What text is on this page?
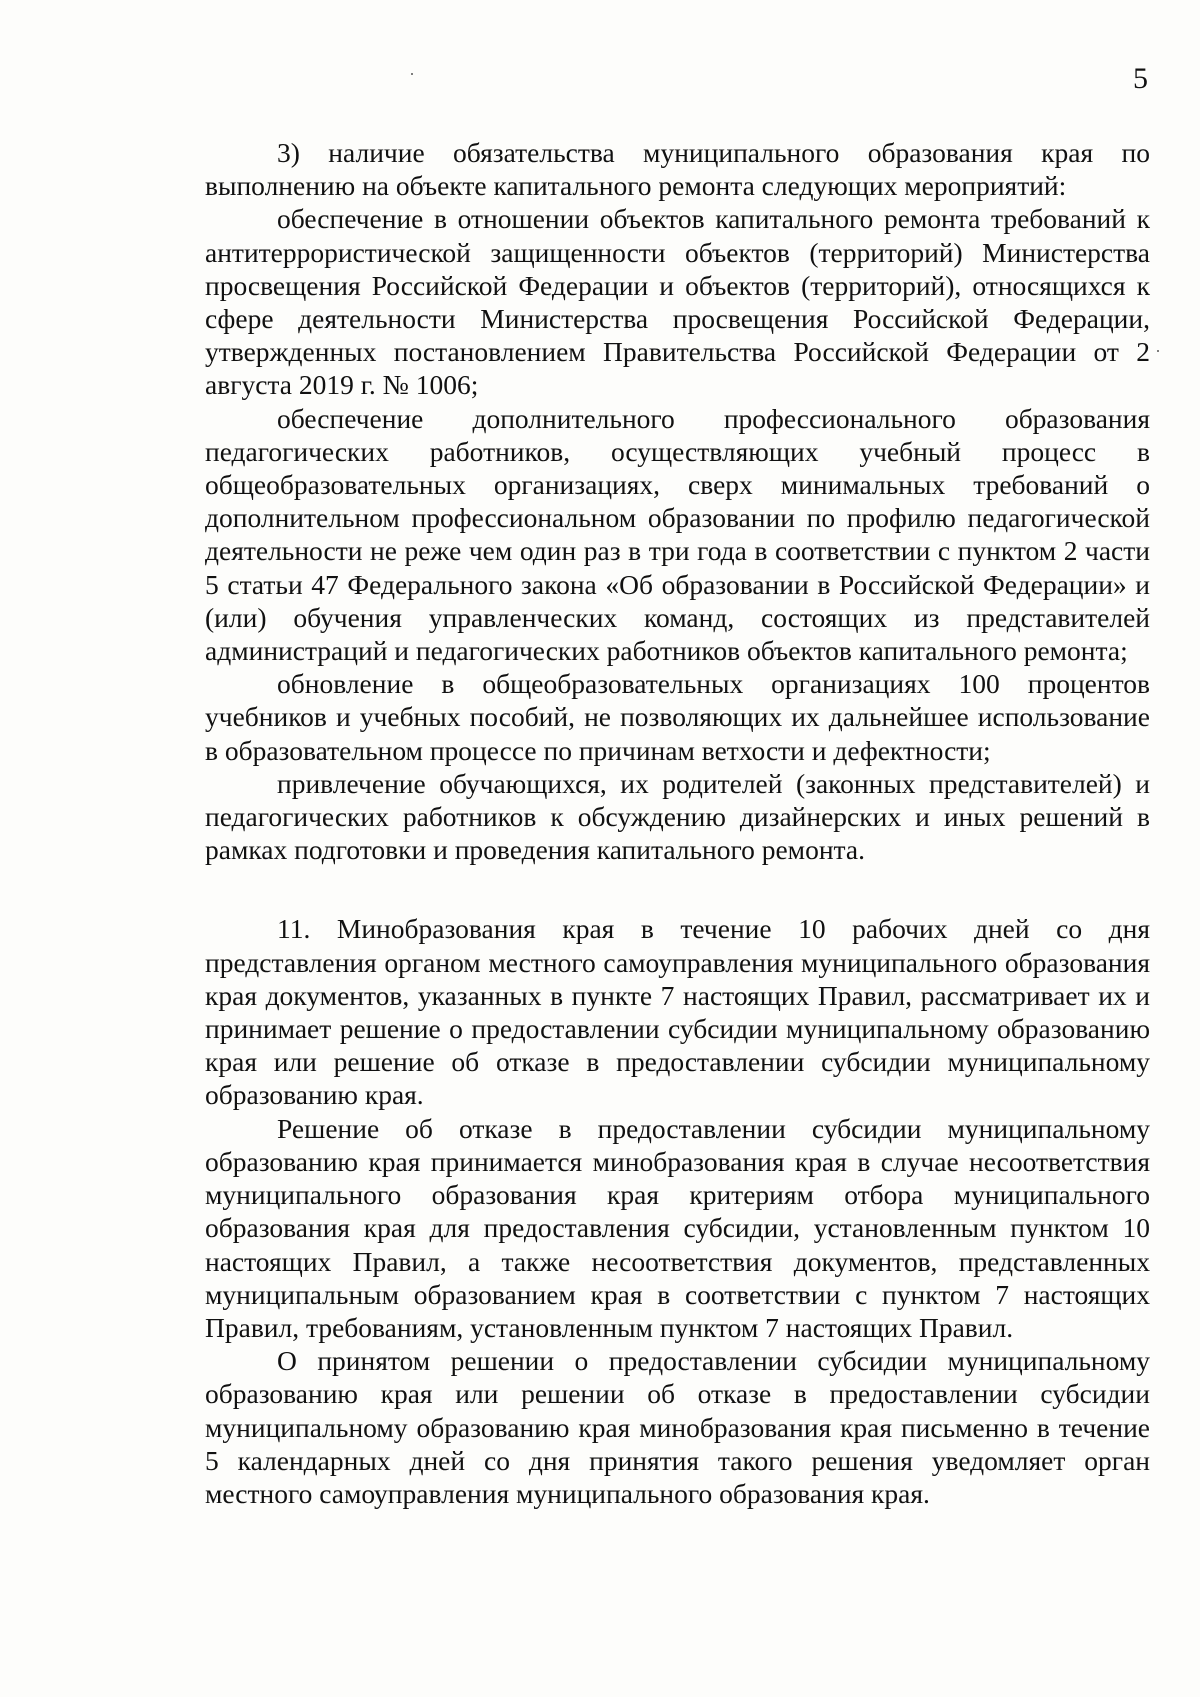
5

3) наличие обязательства муниципального образования края по выполнению на объекте капитального ремонта следующих мероприятий:

обеспечение в отношении объектов капитального ремонта требований к антитеррористической защищенности объектов (территорий) Министерства просвещения Российской Федерации и объектов (территорий), относящихся к сфере деятельности Министерства просвещения Российской Федерации, утвержденных постановлением Правительства Российской Федерации от 2 августа 2019 г. № 1006;

обеспечение дополнительного профессионального образования педагогических работников, осуществляющих учебный процесс в общеобразовательных организациях, сверх минимальных требований о дополнительном профессиональном образовании по профилю педагогической деятельности не реже чем один раз в три года в соответствии с пунктом 2 части 5 статьи 47 Федерального закона «Об образовании в Российской Федерации» и (или) обучения управленческих команд, состоящих из представителей администраций и педагогических работников объектов капитального ремонта;

обновление в общеобразовательных организациях 100 процентов учебников и учебных пособий, не позволяющих их дальнейшее использование в образовательном процессе по причинам ветхости и дефектности;

привлечение обучающихся, их родителей (законных представителей) и педагогических работников к обсуждению дизайнерских и иных решений в рамках подготовки и проведения капитального ремонта.

11. Минобразования края в течение 10 рабочих дней со дня представления органом местного самоуправления муниципального образования края документов, указанных в пункте 7 настоящих Правил, рассматривает их и принимает решение о предоставлении субсидии муниципальному образованию края или решение об отказе в предоставлении субсидии муниципальному образованию края.

Решение об отказе в предоставлении субсидии муниципальному образованию края принимается минобразования края в случае несоответствия муниципального образования края критериям отбора муниципального образования края для предоставления субсидии, установленным пунктом 10 настоящих Правил, а также несоответствия документов, представленных муниципальным образованием края в соответствии с пунктом 7 настоящих Правил, требованиям, установленным пунктом 7 настоящих Правил.

О принятом решении о предоставлении субсидии муниципальному образованию края или решении об отказе в предоставлении субсидии муниципальному образованию края минобразования края письменно в течение 5 календарных дней со дня принятия такого решения уведомляет орган местного самоуправления муниципального образования края.
